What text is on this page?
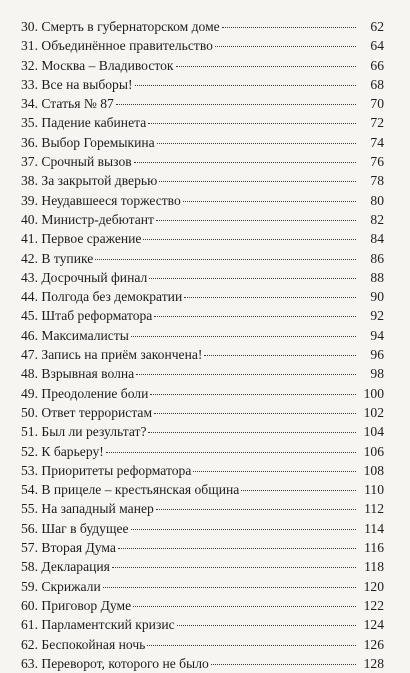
30. Смерть в губернаторском доме	62
31. Объединённое правительство	64
32. Москва – Владивосток	66
33. Все на выборы!	68
34. Статья № 87	70
35. Падение кабинета	72
36. Выбор Горемыкина	74
37. Срочный вызов	76
38. За закрытой дверью	78
39. Неудавшееся торжество	80
40. Министр-дебютант	82
41. Первое сражение	84
42. В тупике	86
43. Досрочный финал	88
44. Полгода без демократии	90
45. Штаб реформатора	92
46. Максималисты	94
47. Запись на приём закончена!	96
48. Взрывная волна	98
49. Преодоление боли	100
50. Ответ террористам	102
51. Был ли результат?	104
52. К барьеру!	106
53. Приоритеты реформатора	108
54. В прицеле – крестьянская община	110
55. На западный манер	112
56. Шаг в будущее	114
57. Вторая Дума	116
58. Декларация	118
59. Скрижали	120
60. Приговор Думе	122
61. Парламентский кризис	124
62. Беспокойная ночь	126
63. Переворот, которого не было	128
